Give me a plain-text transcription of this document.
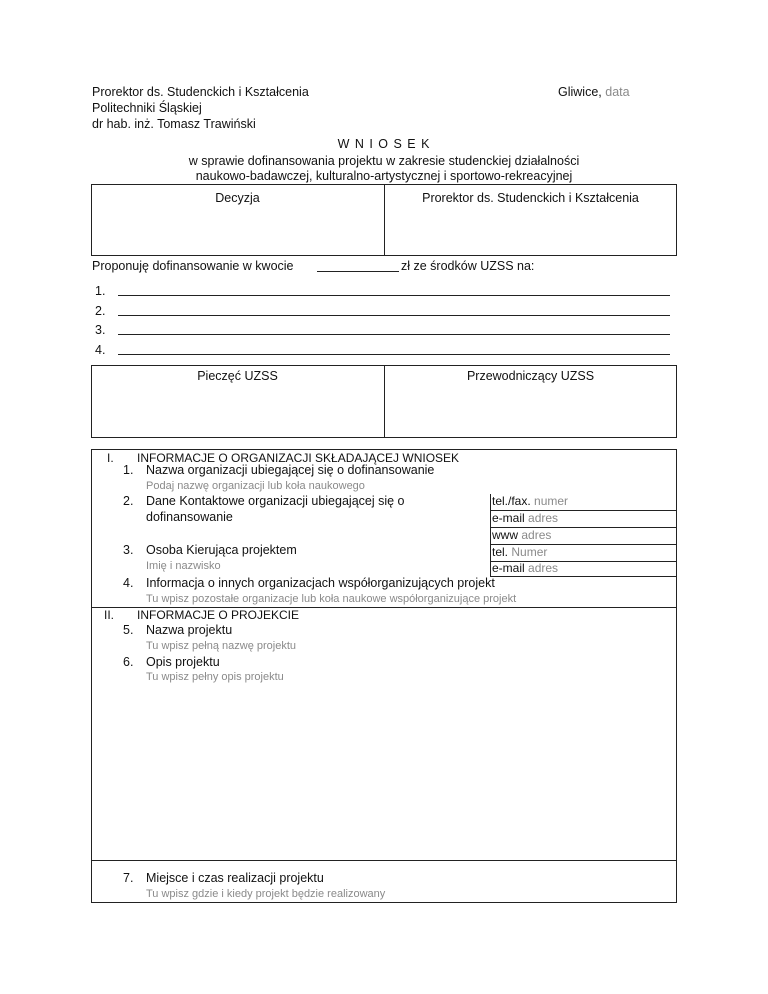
Prorektor ds. Studenckich i Kształcenia
Politechniki Śląskiej
dr hab. inż. Tomasz Trawiński
Gliwice, data
W N I O S E K
w sprawie dofinansowania projektu w zakresie studenckiej działalności
naukowo-badawczej, kulturalno-artystycznej i sportowo-rekreacyjnej
Decyzja	Prorektor ds. Studenckich i Kształcenia
Proponuję dofinansowanie w kwocie	zł ze środków UZSS na:
1.
2.
3.
4.
Pieczęć UZSS	Przewodniczący UZSS
I. INFORMACJE O ORGANIZACJI SKŁADAJĄCEJ WNIOSEK
1. Nazwa organizacji ubiegającej się o dofinansowanie
Podaj nazwę organizacji lub koła naukowego
2. Dane Kontaktowe organizacji ubiegającej się o
dofinansowanie
tel./fax. numer
e-mail adres
www adres
3. Osoba Kierująca projektem
Imię i nazwisko
tel. Numer
e-mail adres
4. Informacja o innych organizacjach współorganizujących projekt
Tu wpisz pozostałe organizacje lub koła naukowe współorganizujące projekt
II. INFORMACJE O PROJEKCIE
5. Nazwa projektu
Tu wpisz pełną nazwę projektu
6. Opis projektu
Tu wpisz pełny opis projektu
7. Miejsce i czas realizacji projektu
Tu wpisz gdzie i kiedy projekt będzie realizowany
